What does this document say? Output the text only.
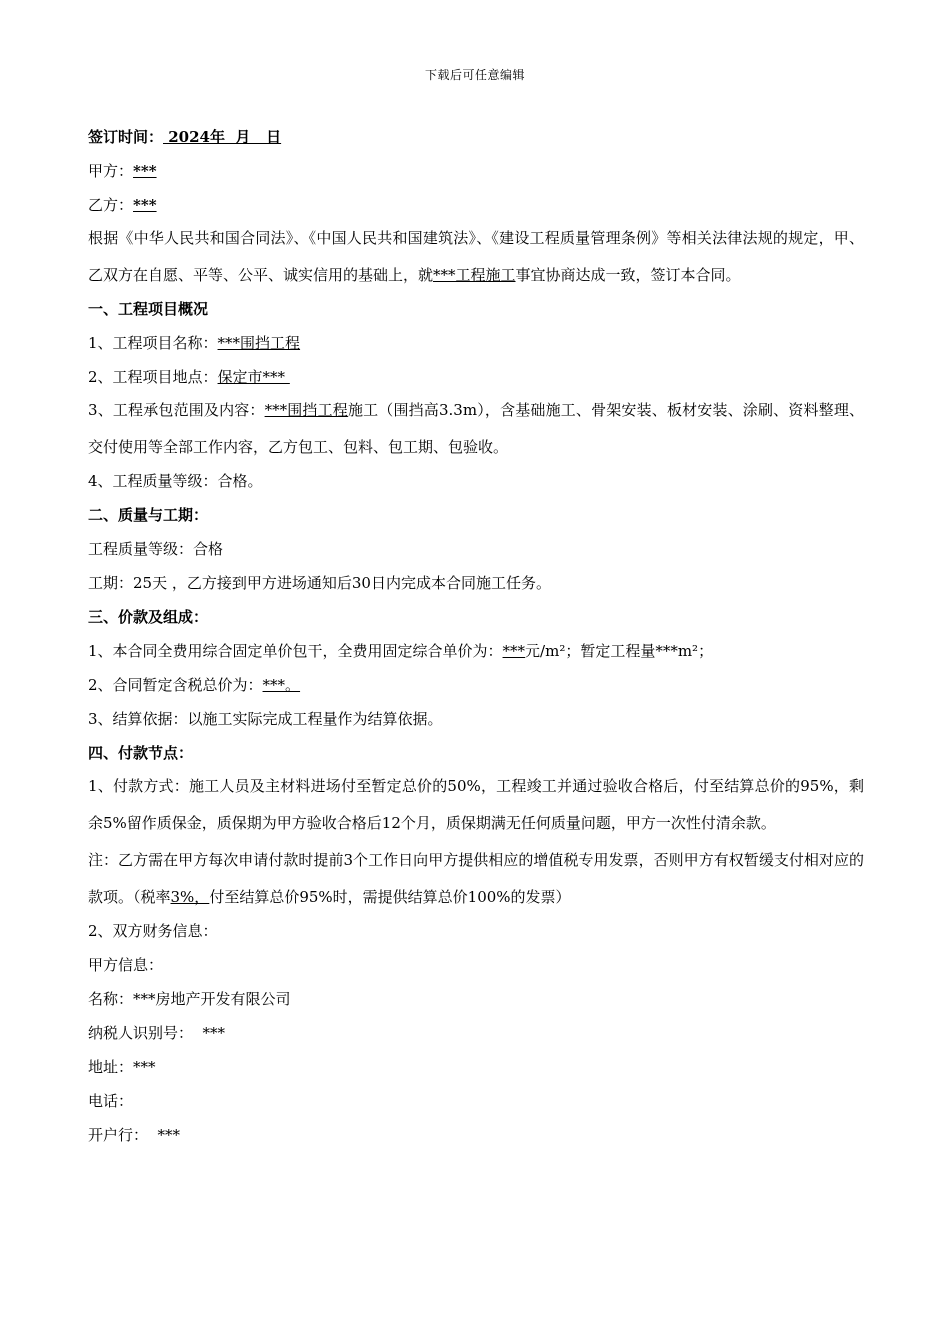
下载后可任意编辑
签订时间： 2024年  月   日
甲方：***
乙方：***
根据《中华人民共和国合同法》、《中国人民共和国建筑法》、《建设工程质量管理条例》等相关法律法规的规定，甲、乙双方在自愿、平等、公平、诚实信用的基础上，就***工程施工事宜协商达成一致，签订本合同。
一、工程项目概况
1、工程项目名称：***围挡工程
2、工程项目地点：保定市***
3、工程承包范围及内容：***围挡工程施工（围挡高3.3m），含基础施工、骨架安装、板材安装、涂刷、资料整理、交付使用等全部工作内容，乙方包工、包料、包工期、包验收。
4、工程质量等级：合格。
二、质量与工期：
工程质量等级：合格
工期：25天 ，乙方接到甲方进场通知后30日内完成本合同施工任务。
三、价款及组成：
1、本合同全费用综合固定单价包干，全费用固定综合单价为：***元/m²；暂定工程量***m²；
2、合同暂定含税总价为：***。
3、结算依据：以施工实际完成工程量作为结算依据。
四、付款节点：
1、付款方式：施工人员及主材料进场付至暂定总价的50%，工程竣工并通过验收合格后，付至结算总价的95%，剩余5%留作质保金，质保期为甲方验收合格后12个月，质保期满无任何质量问题，甲方一次性付清余款。
注：乙方需在甲方每次申请付款时提前3个工作日向甲方提供相应的增值税专用发票，否则甲方有权暂缓支付相对应的款项。（税率3%，付至结算总价95%时，需提供结算总价100%的发票）
2、双方财务信息：
甲方信息：
名称：***房地产开发有限公司
纳税人识别号：  ***
地址：***
电话：
开户行：  ***
